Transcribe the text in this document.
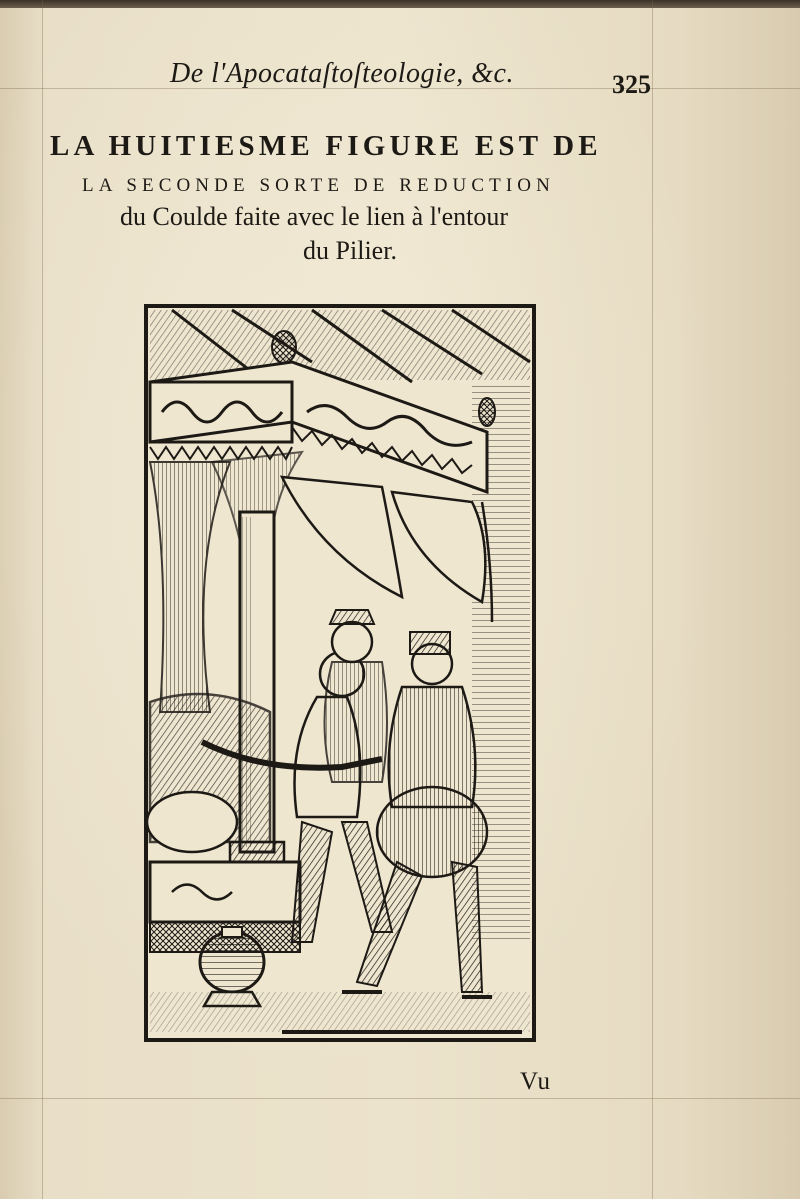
De l'Apocataſtoſteologie, &c.	325
LA HUITIESME FIGURE EST DE
LA SECONDE SORTE DE REDUCTION
du Coulde faite avec le lien à l'entour
du Pilier.
Vu
